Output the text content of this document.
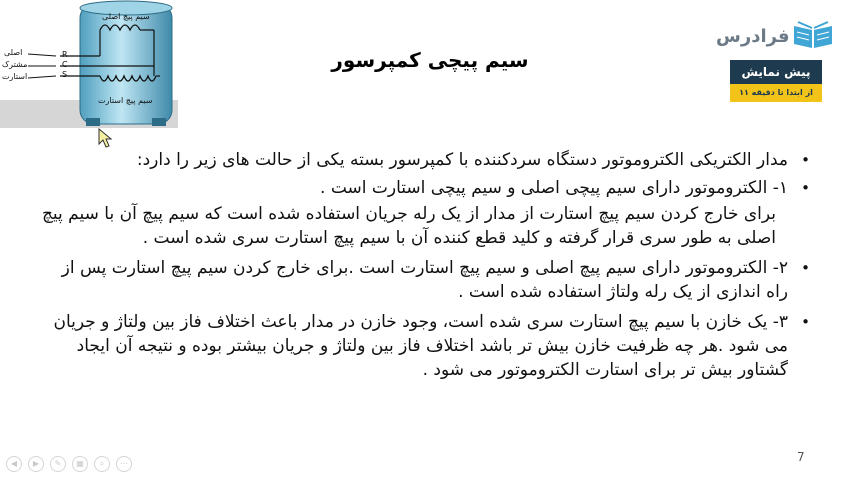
سیم پیچ اصلی
سیم پیچ استارت
R
C
S
اصلی
مشترک
استارت
فرادرس
پیش نمایش
از ابتدا تا دقیقه ۱۱
سیم پیچی کمپرسور

•
مدار الکتریکی الکتروموتور دستگاه سردکننده با کمپرسور بسته یکی از حالت های زیر را دارد:

•
۱- الکتروموتور دارای سیم پیچی اصلی و سیم پیچی استارت است .

برای خارج کردن سیم پیچ استارت از مدار از یک رله جریان استفاده شده است که سیم پیچ آن با سیم پیچ اصلی به طور سری قرار گرفته و کلید قطع کننده آن با سیم پیچ استارت سری شده است .

•
۲- الکتروموتور دارای سیم پیچ اصلی و سیم پیچ استارت است .برای خارج کردن سیم پیچ استارت پس از راه اندازی از یک رله ولتاژ استفاده شده است .

•
۳- یک خازن با سیم پیچ استارت سری شده است، وجود خازن در مدار باعث اختلاف فاز بین ولتاژ و جریان می شود .هر چه ظرفیت خازن بیش تر باشد اختلاف فاز بین ولتاژ و جریان بیشتر بوده و نتیجه آن ایجاد گشتاور بیش تر برای استارت الکتروموتور می شود .

7
◀	▶	✎	▦	⌕	⋯
